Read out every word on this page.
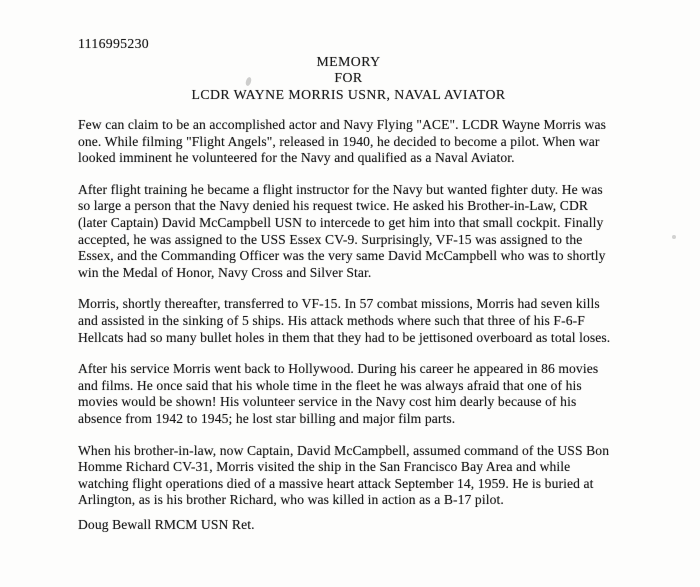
1116995230
MEMORY
FOR
LCDR WAYNE MORRIS USNR, NAVAL AVIATOR
Few can claim to be an accomplished actor and Navy Flying "ACE". LCDR Wayne Morris was
one. While filming "Flight Angels", released in 1940, he decided to become a pilot. When war
looked imminent he volunteered for the Navy and qualified as a Naval Aviator.
After flight training he became a flight instructor for the Navy but wanted fighter duty. He was
so large a person that the Navy denied his request twice. He asked his Brother-in-Law, CDR
(later Captain) David McCampbell USN to intercede to get him into that small cockpit. Finally
accepted, he was assigned to the USS Essex CV-9. Surprisingly, VF-15 was assigned to the
Essex, and the Commanding Officer was the very same David McCampbell who was to shortly
win the Medal of Honor, Navy Cross and Silver Star.
Morris, shortly thereafter, transferred to VF-15. In 57 combat missions, Morris had seven kills
and assisted in the sinking of 5 ships. His attack methods where such that three of his F-6-F
Hellcats had so many bullet holes in them that they had to be jettisoned overboard as total loses.
After his service Morris went back to Hollywood. During his career he appeared in 86 movies
and films. He once said that his whole time in the fleet he was always afraid that one of his
movies would be shown! His volunteer service in the Navy cost him dearly because of his
absence from 1942 to 1945; he lost star billing and major film parts.
When his brother-in-law, now Captain, David McCampbell, assumed command of the USS Bon
Homme Richard CV-31, Morris visited the ship in the San Francisco Bay Area and while
watching flight operations died of a massive heart attack September 14, 1959. He is buried at
Arlington, as is his brother Richard, who was killed in action as a B-17 pilot.
Doug Bewall RMCM USN Ret.
